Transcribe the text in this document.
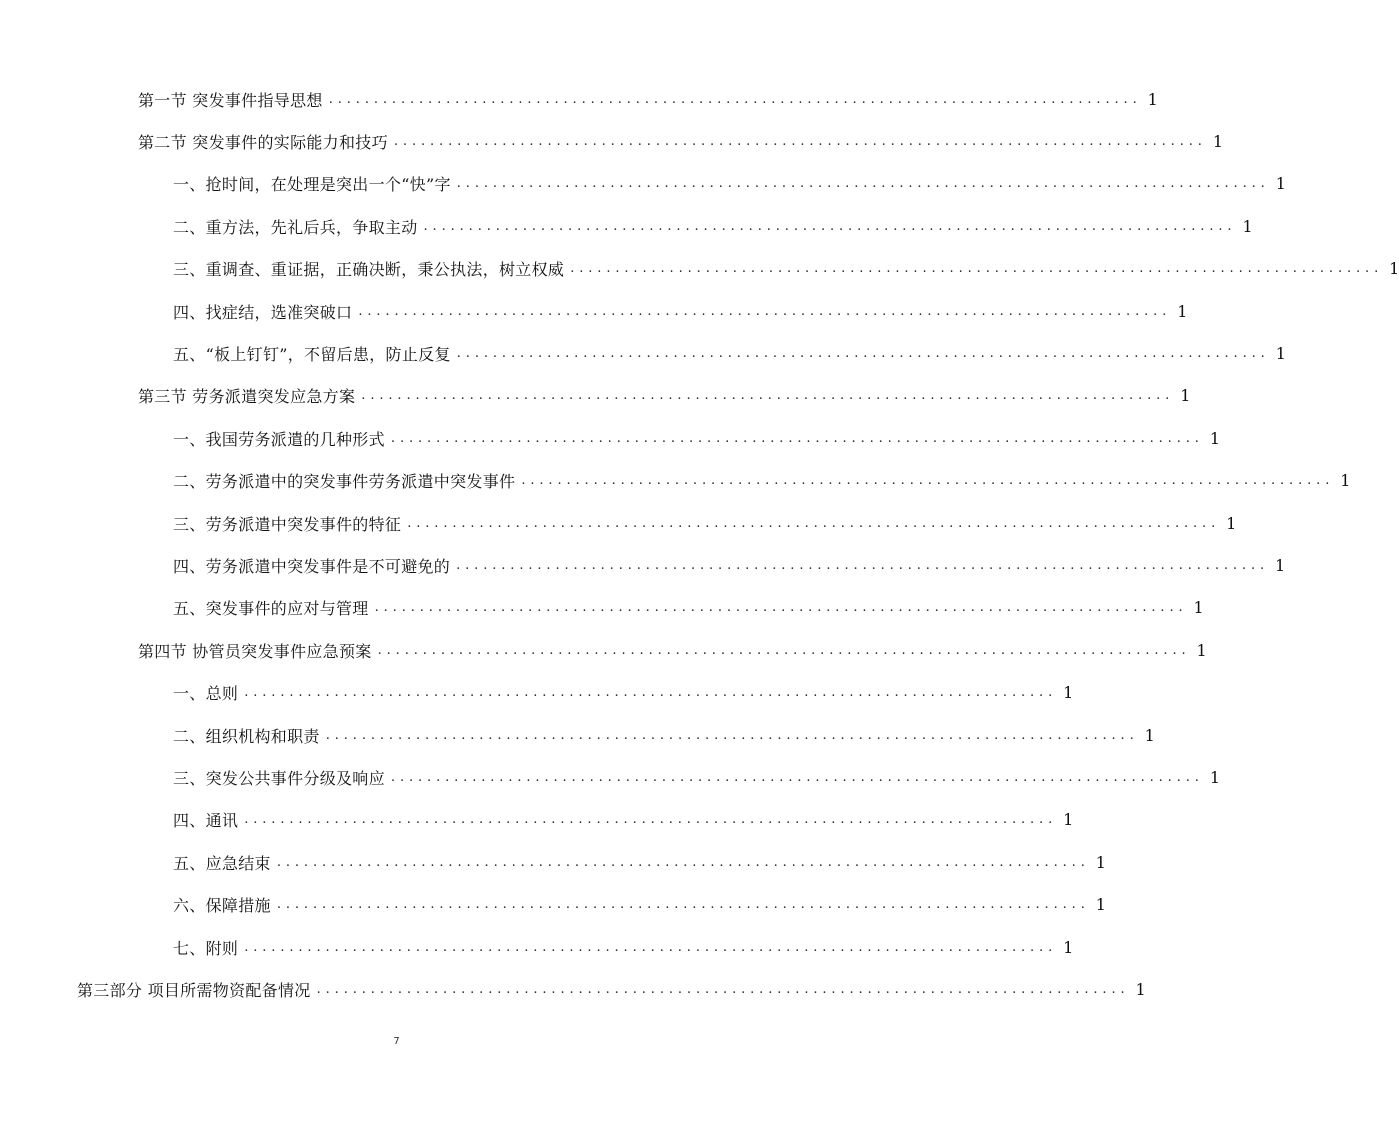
第一节 突发事件指导思想 .......................................................................................... 1
第二节 突发事件的实际能力和技巧 .......................................................................................... 1
一、抢时间，在处理是突出一个“快”字 .......................................................................................... 1
二、重方法，先礼后兵，争取主动 .......................................................................................... 1
三、重调查、重证据，正确决断，秉公执法，树立权威 .......................................................................................... 1
四、找症结，选准突破口 .......................................................................................... 1
五、“板上钉钉”，不留后患，防止反复 .......................................................................................... 1
第三节 劳务派遣突发应急方案 .......................................................................................... 1
一、我国劳务派遣的几种形式 .......................................................................................... 1
二、劳务派遣中的突发事件劳务派遣中突发事件 .......................................................................................... 1
三、劳务派遣中突发事件的特征 .......................................................................................... 1
四、劳务派遣中突发事件是不可避免的 .......................................................................................... 1
五、突发事件的应对与管理 .......................................................................................... 1
第四节 协管员突发事件应急预案 .......................................................................................... 1
一、总则 .......................................................................................... 1
二、组织机构和职责 .......................................................................................... 1
三、突发公共事件分级及响应 .......................................................................................... 1
四、通讯 .......................................................................................... 1
五、应急结束 .......................................................................................... 1
六、保障措施 .......................................................................................... 1
七、附则 .......................................................................................... 1
第三部分 项目所需物资配备情况 .......................................................................................... 1
7
